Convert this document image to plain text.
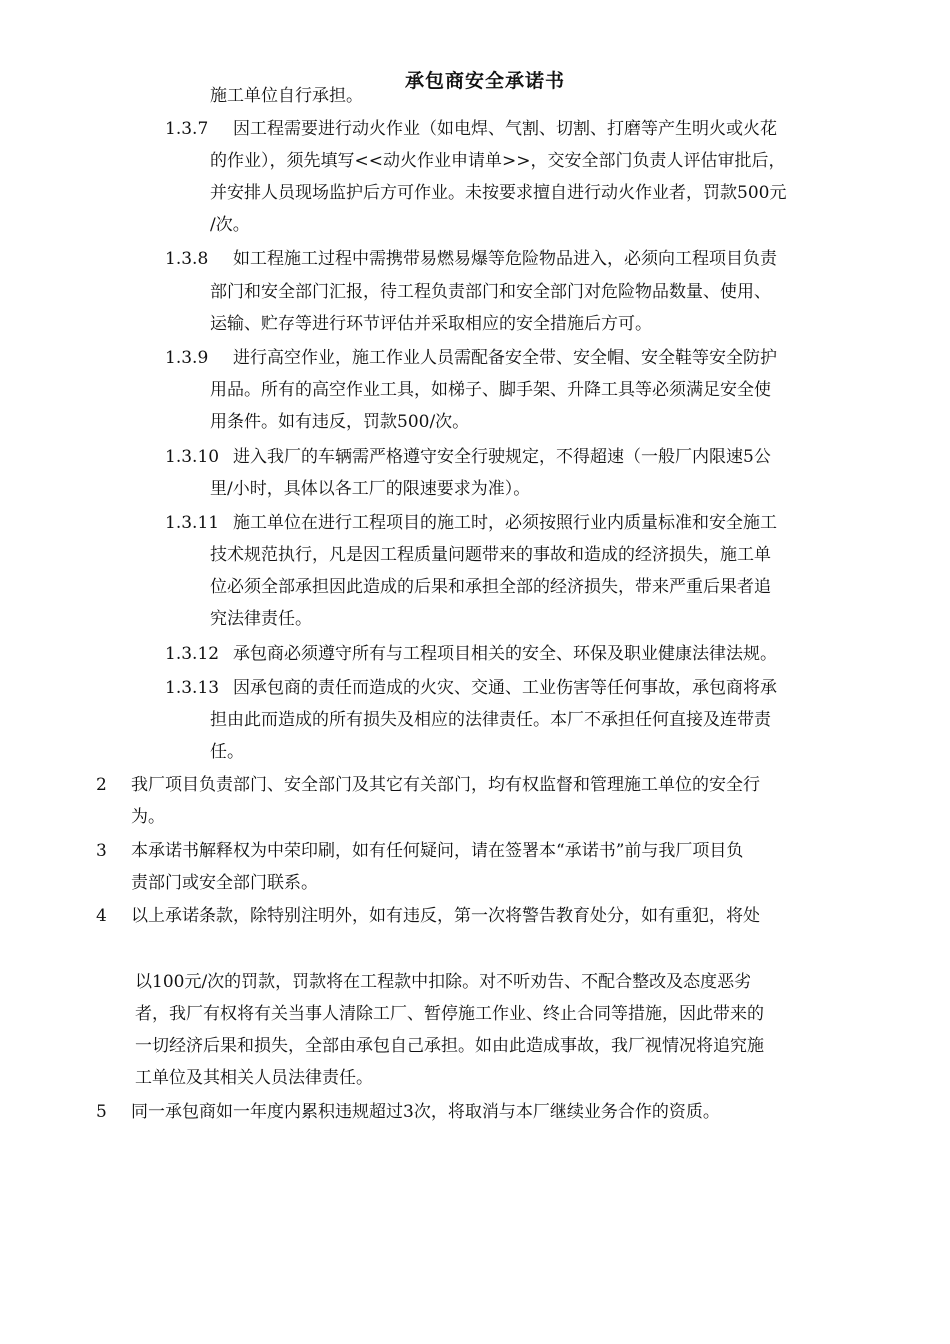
承包商安全承诺书
施工单位自行承担。
1.3.7 因工程需要进行动火作业（如电焊、气割、切割、打磨等产生明火或火花
的作业），须先填写<<动火作业申请单>>，交安全部门负责人评估审批后，
并安排人员现场监护后方可作业。未按要求擅自进行动火作业者，罚款500元
/次。
1.3.8 如工程施工过程中需携带易燃易爆等危险物品进入，必须向工程项目负责
部门和安全部门汇报，待工程负责部门和安全部门对危险物品数量、使用、
运输、贮存等进行环节评估并采取相应的安全措施后方可。
1.3.9 进行高空作业，施工作业人员需配备安全带、安全帽、安全鞋等安全防护
用品。所有的高空作业工具，如梯子、脚手架、升降工具等必须满足安全使
用条件。如有违反，罚款500/次。
1.3.10 进入我厂的车辆需严格遵守安全行驶规定，不得超速（一般厂内限速5公
里/小时，具体以各工厂的限速要求为准）。
1.3.11 施工单位在进行工程项目的施工时，必须按照行业内质量标准和安全施工
技术规范执行，凡是因工程质量问题带来的事故和造成的经济损失，施工单
位必须全部承担因此造成的后果和承担全部的经济损失，带来严重后果者追
究法律责任。
1.3.12 承包商必须遵守所有与工程项目相关的安全、环保及职业健康法律法规。
1.3.13 因承包商的责任而造成的火灾、交通、工业伤害等任何事故，承包商将承
担由此而造成的所有损失及相应的法律责任。本厂不承担任何直接及连带责
任。
2 我厂项目负责部门、安全部门及其它有关部门，均有权监督和管理施工单位的安全行
为。
3 本承诺书解释权为中荣印刷，如有任何疑问，请在签署本“承诺书”前与我厂项目负
责部门或安全部门联系。
4 以上承诺条款，除特别注明外，如有违反，第一次将警告教育处分，如有重犯，将处
以100元/次的罚款，罚款将在工程款中扣除。对不听劝告、不配合整改及态度恶劣
者，我厂有权将有关当事人清除工厂、暂停施工作业、终止合同等措施，因此带来的
一切经济后果和损失，全部由承包自己承担。如由此造成事故，我厂视情况将追究施
工单位及其相关人员法律责任。
5 同一承包商如一年度内累积违规超过3次，将取消与本厂继续业务合作的资质。
